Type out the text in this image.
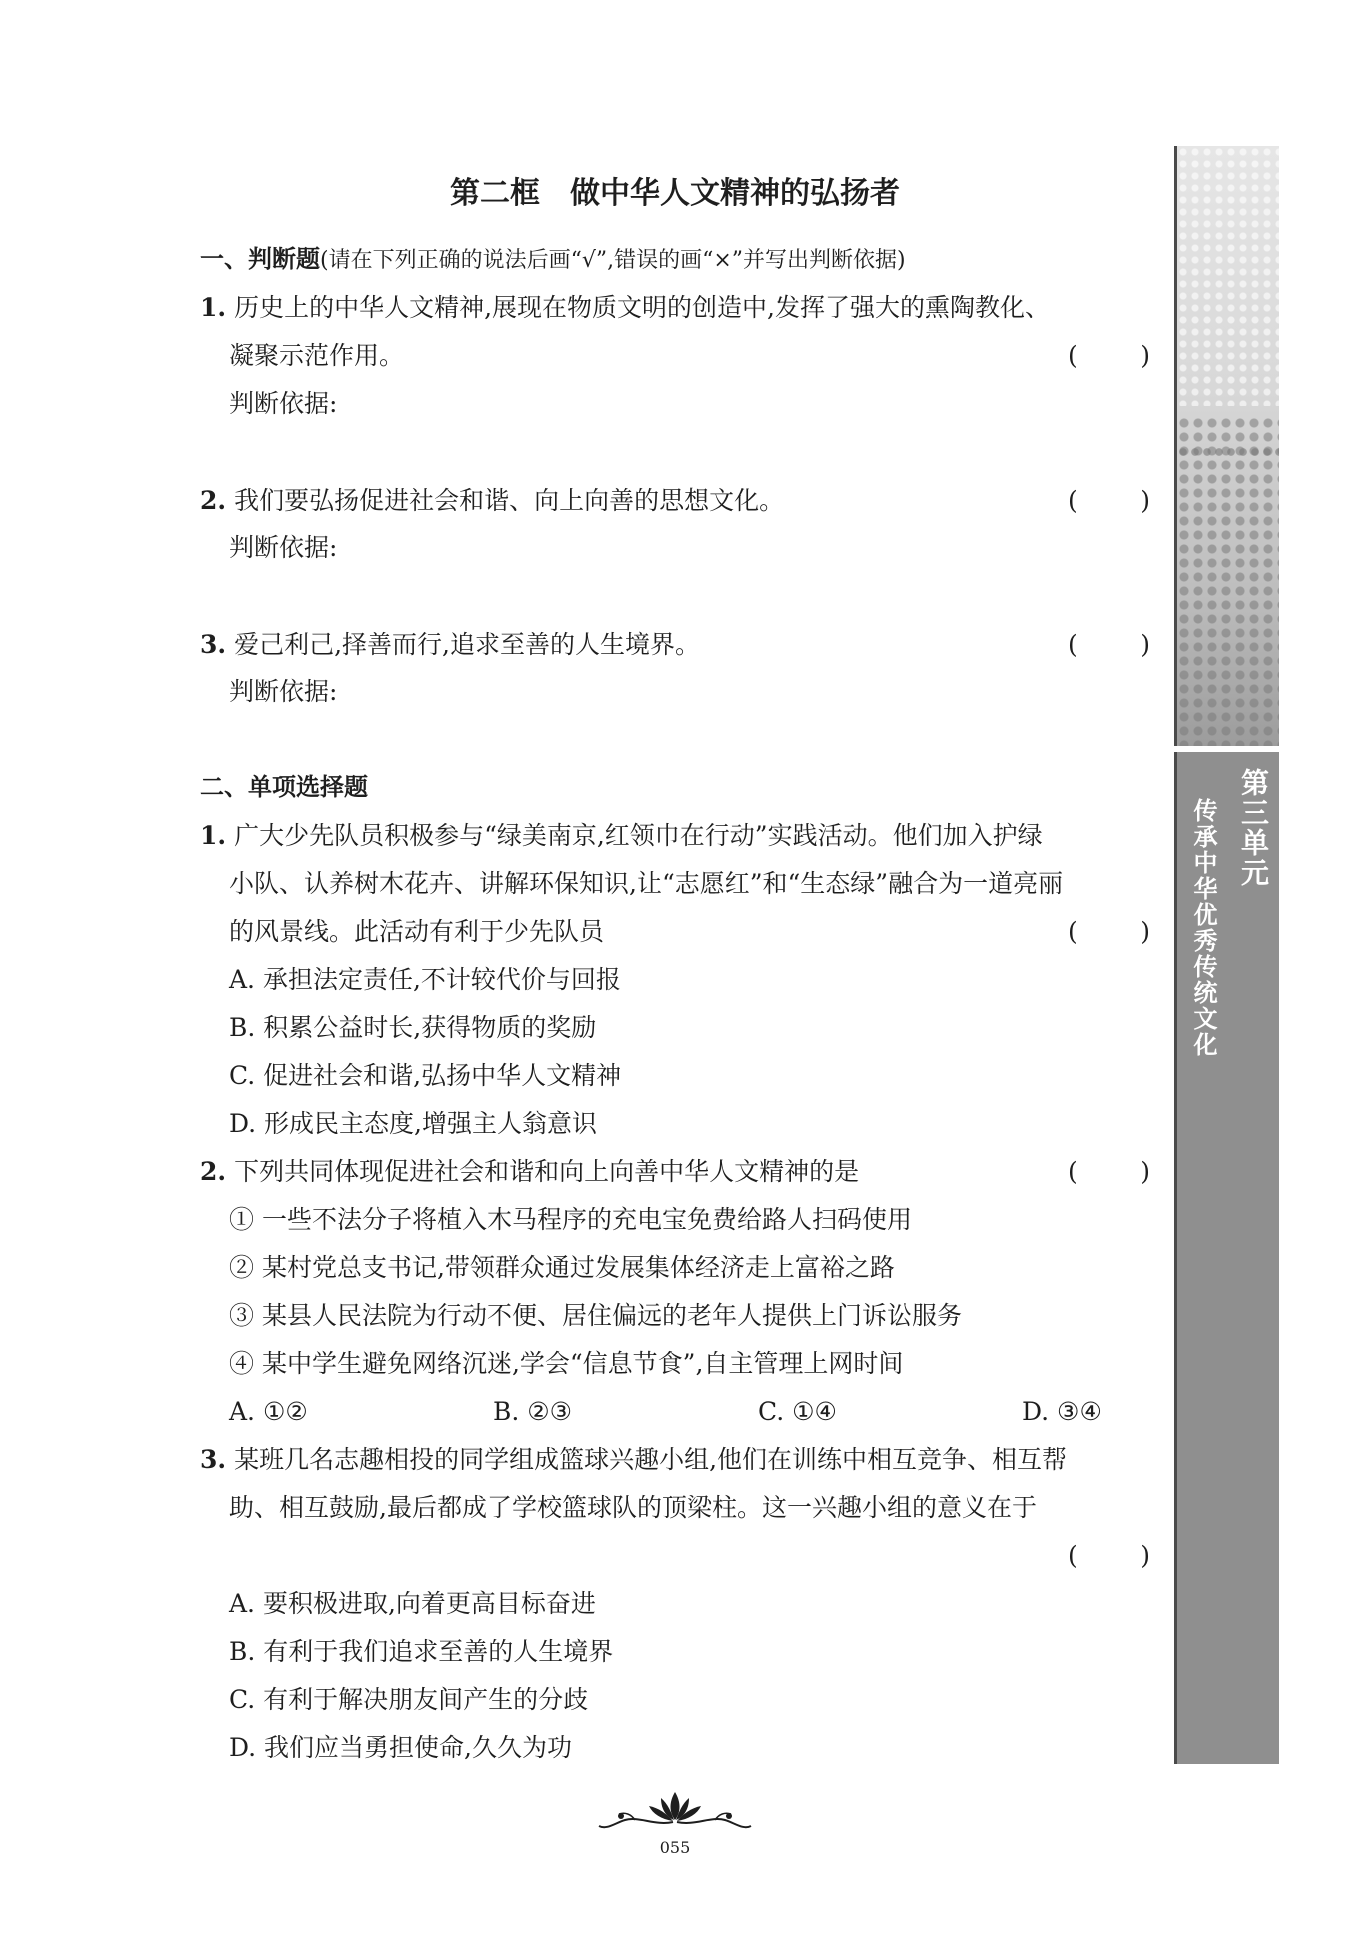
第二框　做中华人文精神的弘扬者
一、判断题(请在下列正确的说法后画“√”,错误的画“×”并写出判断依据)
1. 历史上的中华人文精神,展现在物质文明的创造中,发挥了强大的熏陶教化、
凝聚示范作用。	( )
判断依据:
2. 我们要弘扬促进社会和谐、向上向善的思想文化。	( )
判断依据:
3. 爱己利己,择善而行,追求至善的人生境界。	( )
判断依据:
二、单项选择题
1. 广大少先队员积极参与“绿美南京,红领巾在行动”实践活动。他们加入护绿
小队、认养树木花卉、讲解环保知识,让“志愿红”和“生态绿”融合为一道亮丽
的风景线。此活动有利于少先队员	( )
A. 承担法定责任,不计较代价与回报
B. 积累公益时长,获得物质的奖励
C. 促进社会和谐,弘扬中华人文精神
D. 形成民主态度,增强主人翁意识
2. 下列共同体现促进社会和谐和向上向善中华人文精神的是	( )
① 一些不法分子将植入木马程序的充电宝免费给路人扫码使用
② 某村党总支书记,带领群众通过发展集体经济走上富裕之路
③ 某县人民法院为行动不便、居住偏远的老年人提供上门诉讼服务
④ 某中学生避免网络沉迷,学会“信息节食”,自主管理上网时间
A. ①②	B. ②③	C. ①④	D. ③④
3. 某班几名志趣相投的同学组成篮球兴趣小组,他们在训练中相互竞争、相互帮
助、相互鼓励,最后都成了学校篮球队的顶梁柱。这一兴趣小组的意义在于
( )
A. 要积极进取,向着更高目标奋进
B. 有利于我们追求至善的人生境界
C. 有利于解决朋友间产生的分歧
D. 我们应当勇担使命,久久为功
第三单元
传承中华优秀传统文化
055
